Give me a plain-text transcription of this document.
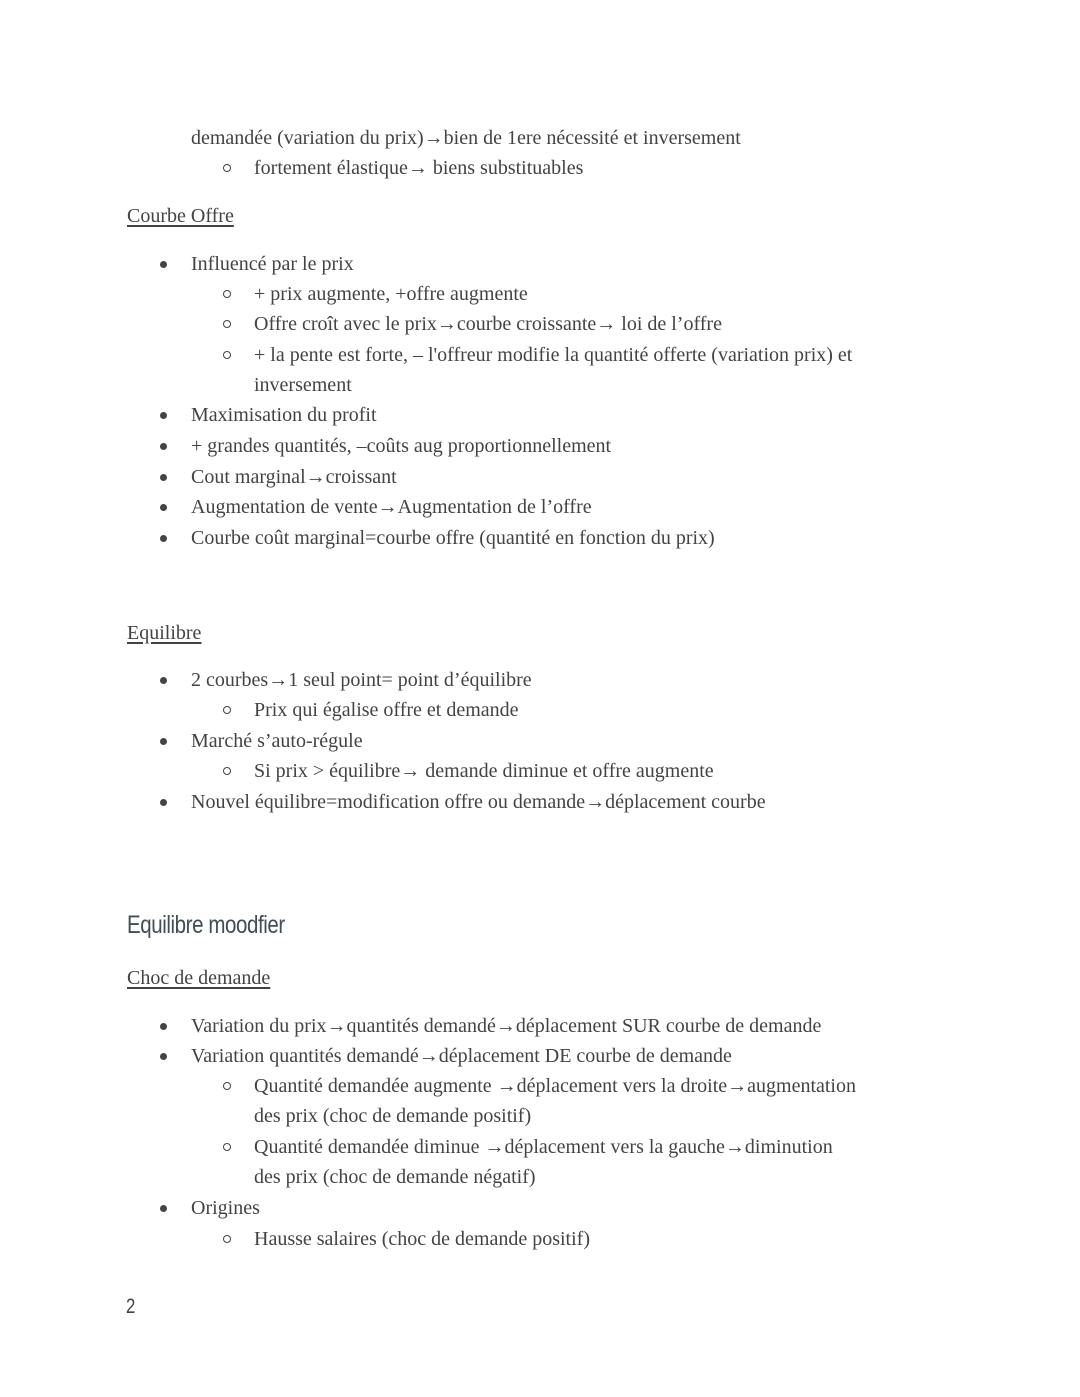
demandée (variation du prix)→bien de 1ere nécessité et inversement
fortement élastique→ biens substituables
Courbe Offre
Influencé par le prix
+ prix augmente, +offre augmente
Offre croît avec le prix→courbe croissante→ loi de l’offre
+ la pente est forte, – l'offreur modifie la quantité offerte (variation prix) et
inversement
Maximisation du profit
+ grandes quantités, –coûts aug proportionnellement
Cout marginal→croissant
Augmentation de vente→Augmentation de l’offre
Courbe coût marginal=courbe offre (quantité en fonction du prix)
Equilibre
2 courbes→1 seul point= point d’équilibre
Prix qui égalise offre et demande
Marché s’auto-régule
Si prix > équilibre→ demande diminue et offre augmente
Nouvel équilibre=modification offre ou demande→déplacement courbe
Equilibre moodfier
Choc de demande
Variation du prix→quantités demandé→déplacement SUR courbe de demande
Variation quantités demandé→déplacement DE courbe de demande
Quantité demandée augmente →déplacement vers la droite→augmentation
des prix (choc de demande positif)
Quantité demandée diminue →déplacement vers la gauche→diminution
des prix (choc de demande négatif)
Origines
Hausse salaires (choc de demande positif)
2
